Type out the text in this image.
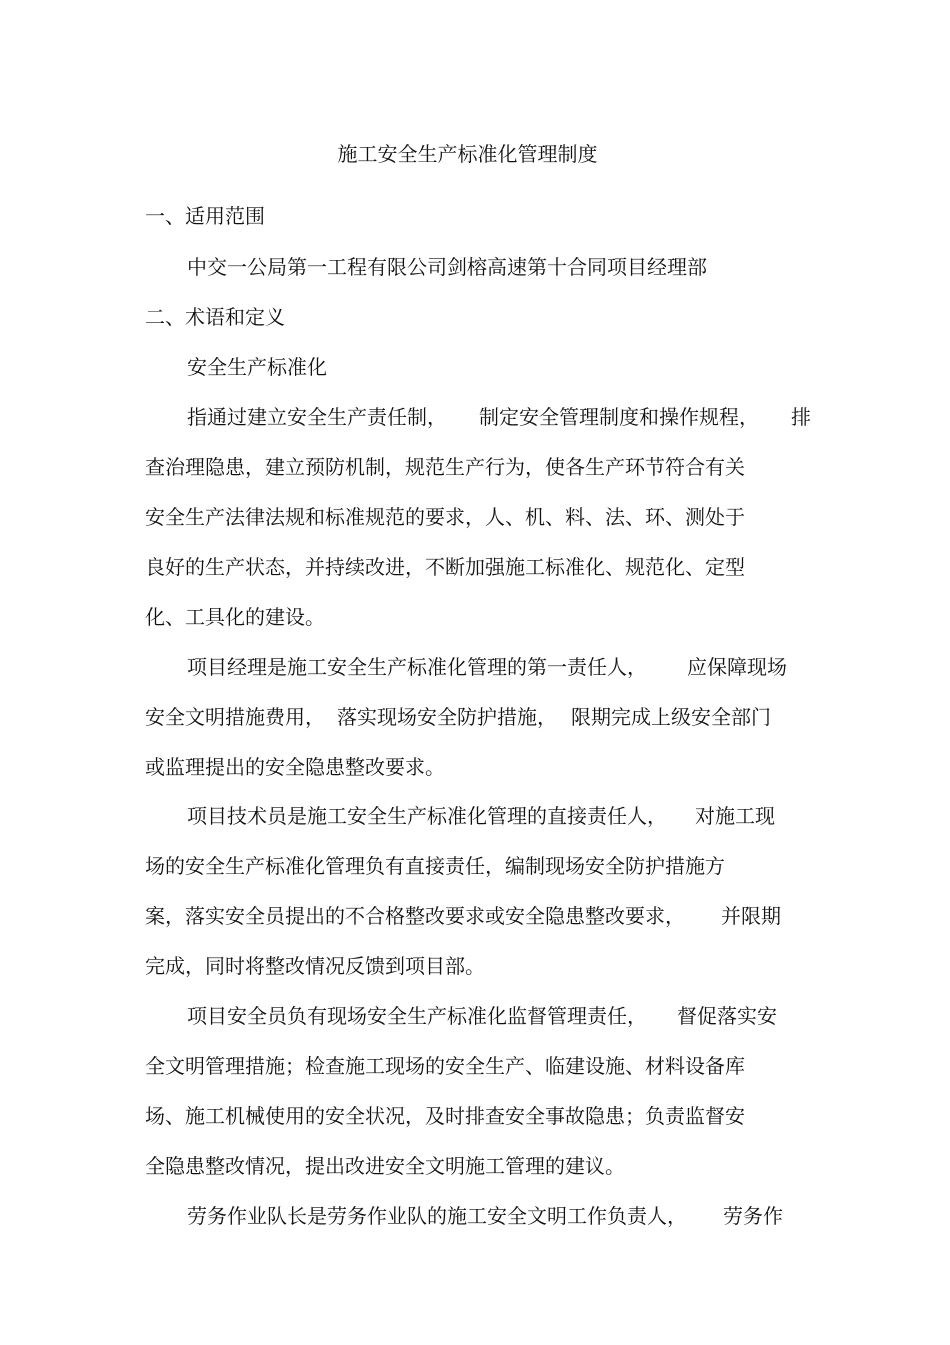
施工安全生产标准化管理制度
一、适用范围
中交一公局第一工程有限公司剑榕高速第十合同项目经理部
二、术语和定义
安全生产标准化
指通过建立安全生产责任制， 制定安全管理制度和操作规程， 排
查治理隐患，建立预防机制，规范生产行为，使各生产环节符合有关
安全生产法律法规和标准规范的要求，人、机、料、法、环、测处于
良好的生产状态，并持续改进，不断加强施工标准化、规范化、定型
化、工具化的建设。
项目经理是施工安全生产标准化管理的第一责任人， 应保障现场
安全文明措施费用， 落实现场安全防护措施， 限期完成上级安全部门
或监理提出的安全隐患整改要求。
项目技术员是施工安全生产标准化管理的直接责任人， 对施工现
场的安全生产标准化管理负有直接责任，编制现场安全防护措施方
案，落实安全员提出的不合格整改要求或安全隐患整改要求， 并限期
完成，同时将整改情况反馈到项目部。
项目安全员负有现场安全生产标准化监督管理责任， 督促落实安
全文明管理措施；检查施工现场的安全生产、临建设施、材料设备库
场、施工机械使用的安全状况，及时排查安全事故隐患；负责监督安
全隐患整改情况，提出改进安全文明施工管理的建议。
劳务作业队长是劳务作业队的施工安全文明工作负责人， 劳务作
